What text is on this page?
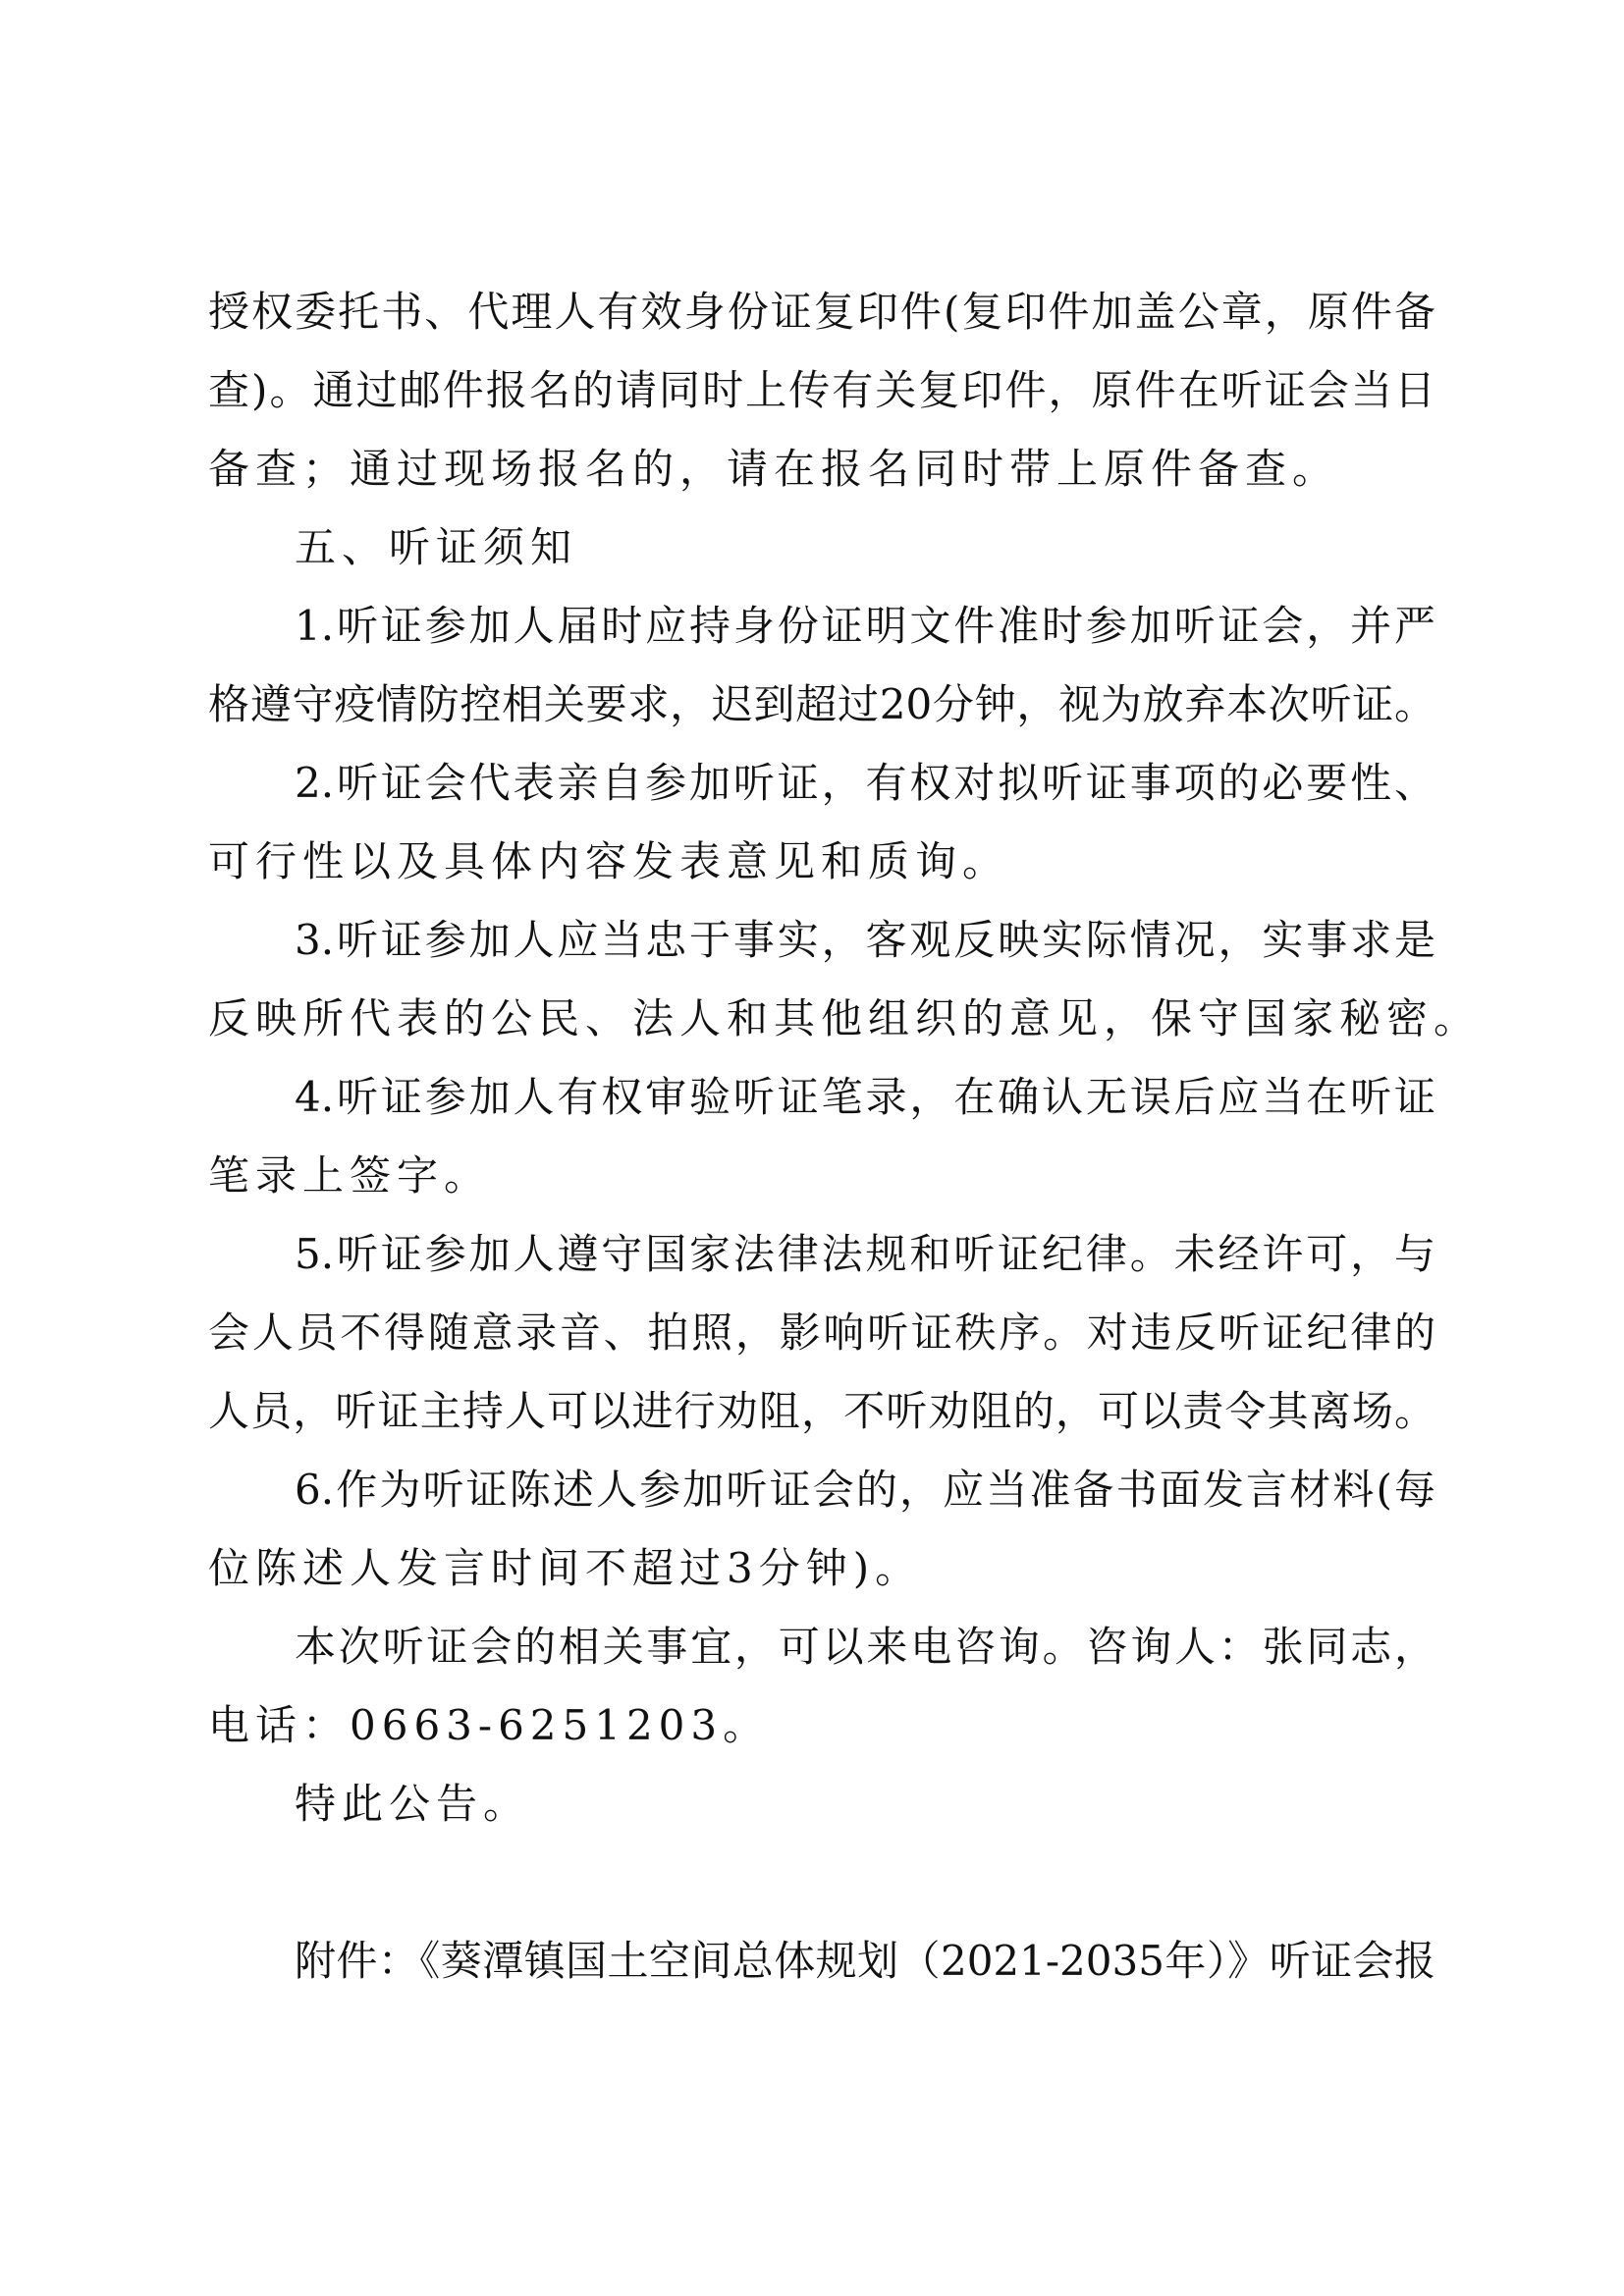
授权委托书、代理人有效身份证复印件(复印件加盖公章，原件备
查)。通过邮件报名的请同时上传有关复印件，原件在听证会当日
备查；通过现场报名的，请在报名同时带上原件备查。
五、听证须知
1.听证参加人届时应持身份证明文件准时参加听证会，并严
格遵守疫情防控相关要求，迟到超过20分钟，视为放弃本次听证。
2.听证会代表亲自参加听证，有权对拟听证事项的必要性、
可行性以及具体内容发表意见和质询。
3.听证参加人应当忠于事实，客观反映实际情况，实事求是
反映所代表的公民、法人和其他组织的意见，保守国家秘密。
4.听证参加人有权审验听证笔录，在确认无误后应当在听证
笔录上签字。
5.听证参加人遵守国家法律法规和听证纪律。未经许可，与
会人员不得随意录音、拍照，影响听证秩序。对违反听证纪律的
人员，听证主持人可以进行劝阻，不听劝阻的，可以责令其离场。
6.作为听证陈述人参加听证会的，应当准备书面发言材料(每
位陈述人发言时间不超过3分钟)。
本次听证会的相关事宜，可以来电咨询。咨询人：张同志，
电话：0663-6251203。
特此公告。
附件：《葵潭镇国土空间总体规划（2021-2035年）》听证会报
